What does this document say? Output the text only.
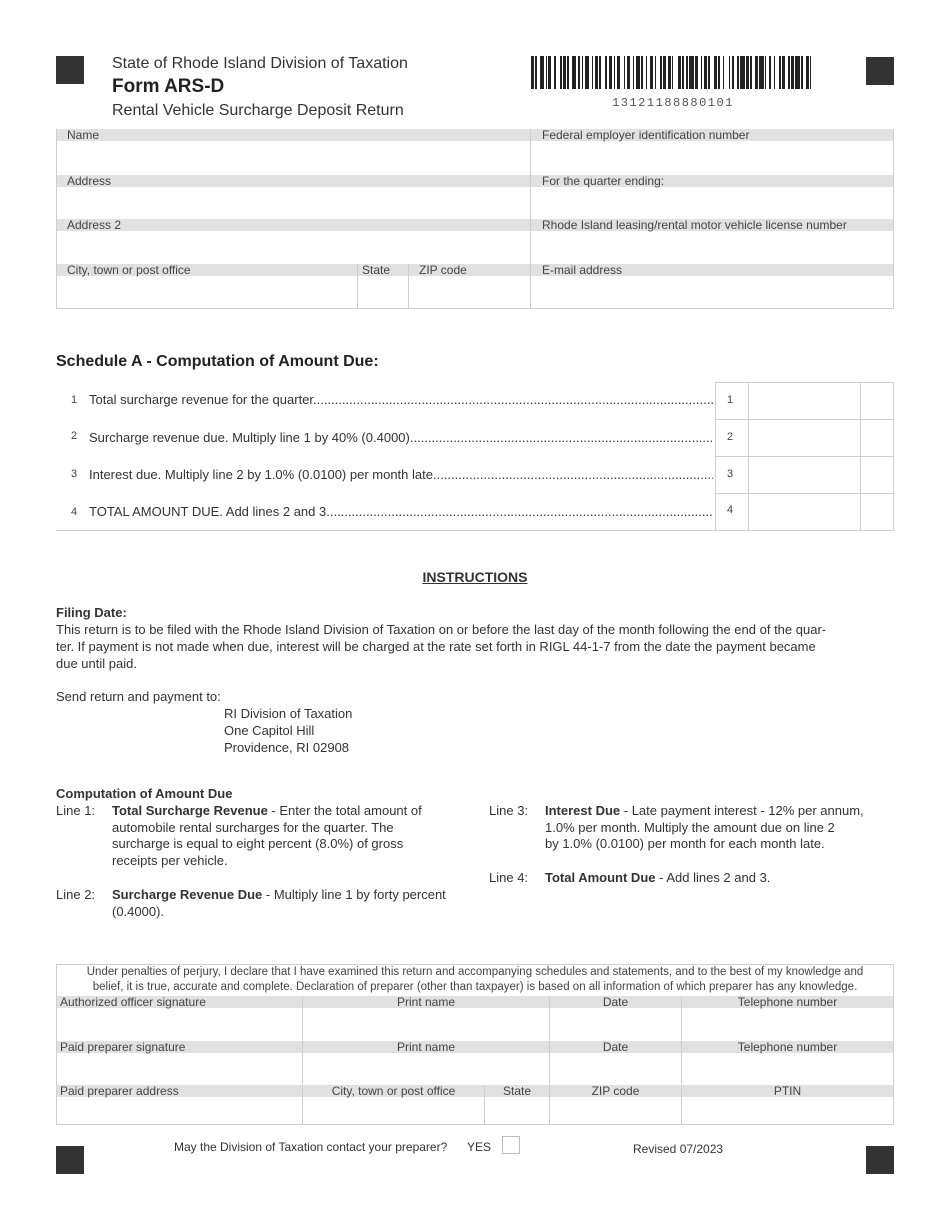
State of Rhode Island Division of Taxation
Form ARS-D
Rental Vehicle Surcharge Deposit Return	13121188880101
Name	Federal employer identification number
Address	For the quarter ending:
Address 2	Rhode Island leasing/rental motor vehicle license number
City, town or post office	State	ZIP code	E-mail address
Schedule A - Computation of Amount Due:
1 Total surcharge revenue for the quarter .....	1
2 Surcharge revenue due. Multiply line 1 by 40% (0.4000) .....	2
3 Interest due. Multiply line 2 by 1.0% (0.0100) per month late .....	3
4 TOTAL AMOUNT DUE. Add lines 2 and 3 .....	4
INSTRUCTIONS
Filing Date:
This return is to be filed with the Rhode Island Division of Taxation on or before the last day of the month following the end of the quar-
ter. If payment is not made when due, interest will be charged at the rate set forth in RIGL 44-1-7 from the date the payment became
due until paid.
Send return and payment to:
RI Division of Taxation
One Capitol Hill
Providence, RI 02908
Computation of Amount Due
Line 1: Total Surcharge Revenue - Enter the total amount of
automobile rental surcharges for the quarter. The
surcharge is equal to eight percent (8.0%) of gross
receipts per vehicle.
Line 2: Surcharge Revenue Due - Multiply line 1 by forty percent
(0.4000).
Line 3: Interest Due - Late payment interest - 12% per annum,
1.0% per month. Multiply the amount due on line 2
by 1.0% (0.0100) per month for each month late.
Line 4: Total Amount Due - Add lines 2 and 3.
Under penalties of perjury, I declare that I have examined this return and accompanying schedules and statements, and to the best of my knowledge and
belief, it is true, accurate and complete. Declaration of preparer (other than taxpayer) is based on all information of which preparer has any knowledge.
Authorized officer signature	Print name	Date	Telephone number
Paid preparer signature	Print name	Date	Telephone number
Paid preparer address	City, town or post office	State	ZIP code	PTIN
May the Division of Taxation contact your preparer? YES	Revised 07/2023
